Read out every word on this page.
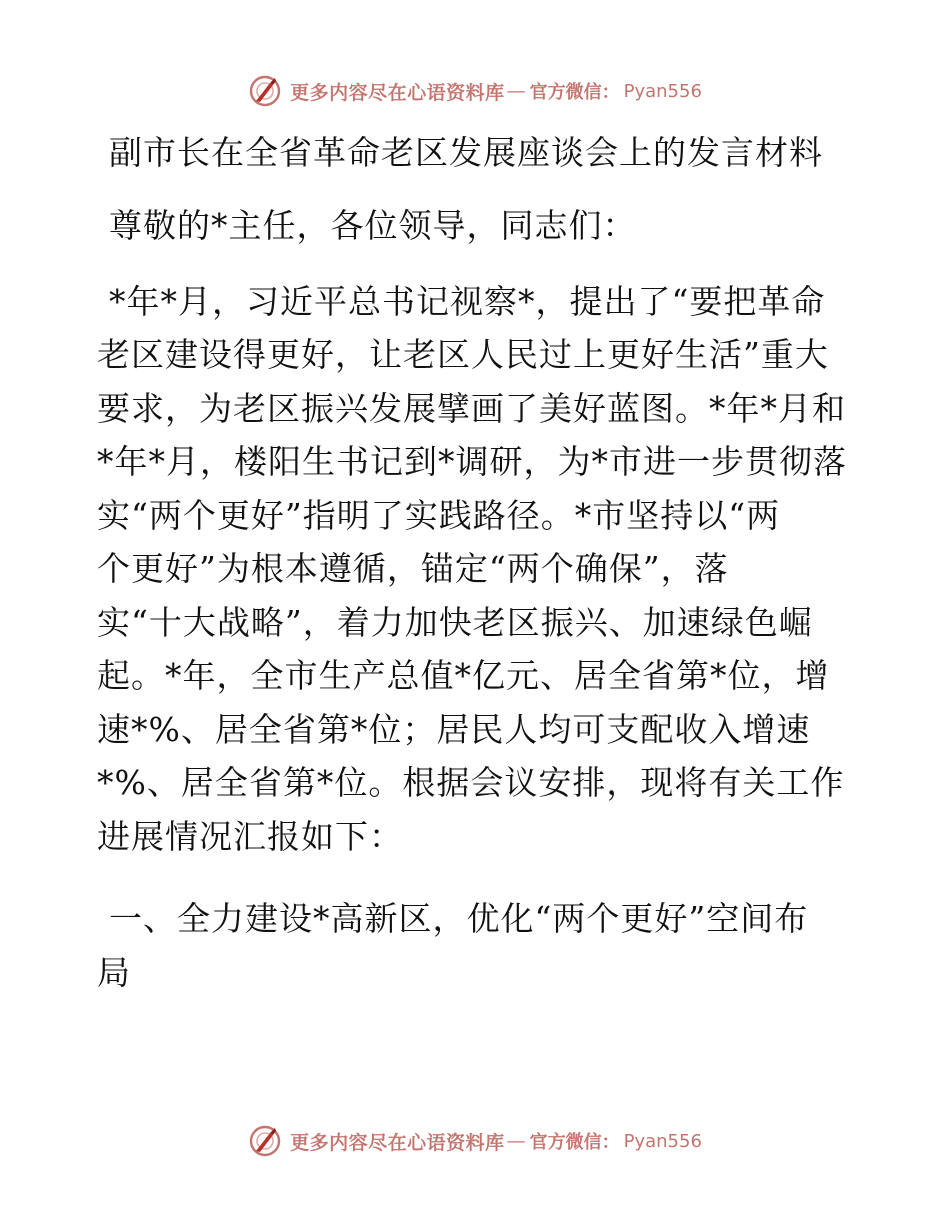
更多内容尽在心语资料库 — 官方微信： Pyan556
副市长在全省革命老区发展座谈会上的发言材料
尊敬的*主任，各位领导，同志们：
*年*月，习近平总书记视察*，提出了“要把革命
老区建设得更好，让老区人民过上更好生活”重大
要求，为老区振兴发展擘画了美好蓝图。*年*月和
*年*月，楼阳生书记到*调研，为*市进一步贯彻落
实“两个更好”指明了实践路径。*市坚持以“两
个更好”为根本遵循，锚定“两个确保”，落
实“十大战略”，着力加快老区振兴、加速绿色崛
起。*年，全市生产总值*亿元、居全省第*位，增
速*%、居全省第*位；居民人均可支配收入增速
*%、居全省第*位。根据会议安排，现将有关工作
进展情况汇报如下：
一、全力建设*高新区，优化“两个更好”空间布
局
更多内容尽在心语资料库 — 官方微信： Pyan556
